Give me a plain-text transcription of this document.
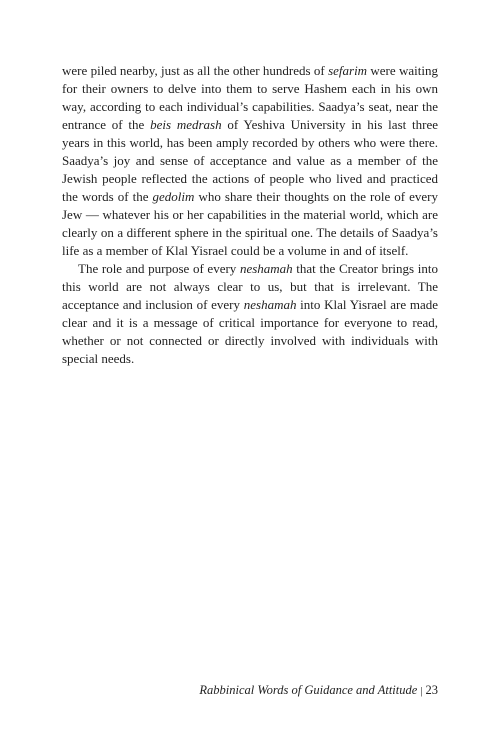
were piled nearby, just as all the other hundreds of sefarim were waiting for their owners to delve into them to serve Hashem each in his own way, according to each individual’s capabilities. Saadya’s seat, near the entrance of the beis medrash of Yeshiva University in his last three years in this world, has been amply recorded by others who were there. Saadya’s joy and sense of acceptance and value as a member of the Jewish people reflected the actions of people who lived and practiced the words of the gedolim who share their thoughts on the role of every Jew — whatever his or her capabilities in the material world, which are clearly on a different sphere in the spiritual one. The details of Saadya’s life as a member of Klal Yisrael could be a volume in and of itself.

The role and purpose of every neshamah that the Creator brings into this world are not always clear to us, but that is irrelevant. The acceptance and inclusion of every neshamah into Klal Yisrael are made clear and it is a message of critical importance for everyone to read, whether or not connected or directly involved with individuals with special needs.

Rabbinical Words of Guidance and Attitude | 23
